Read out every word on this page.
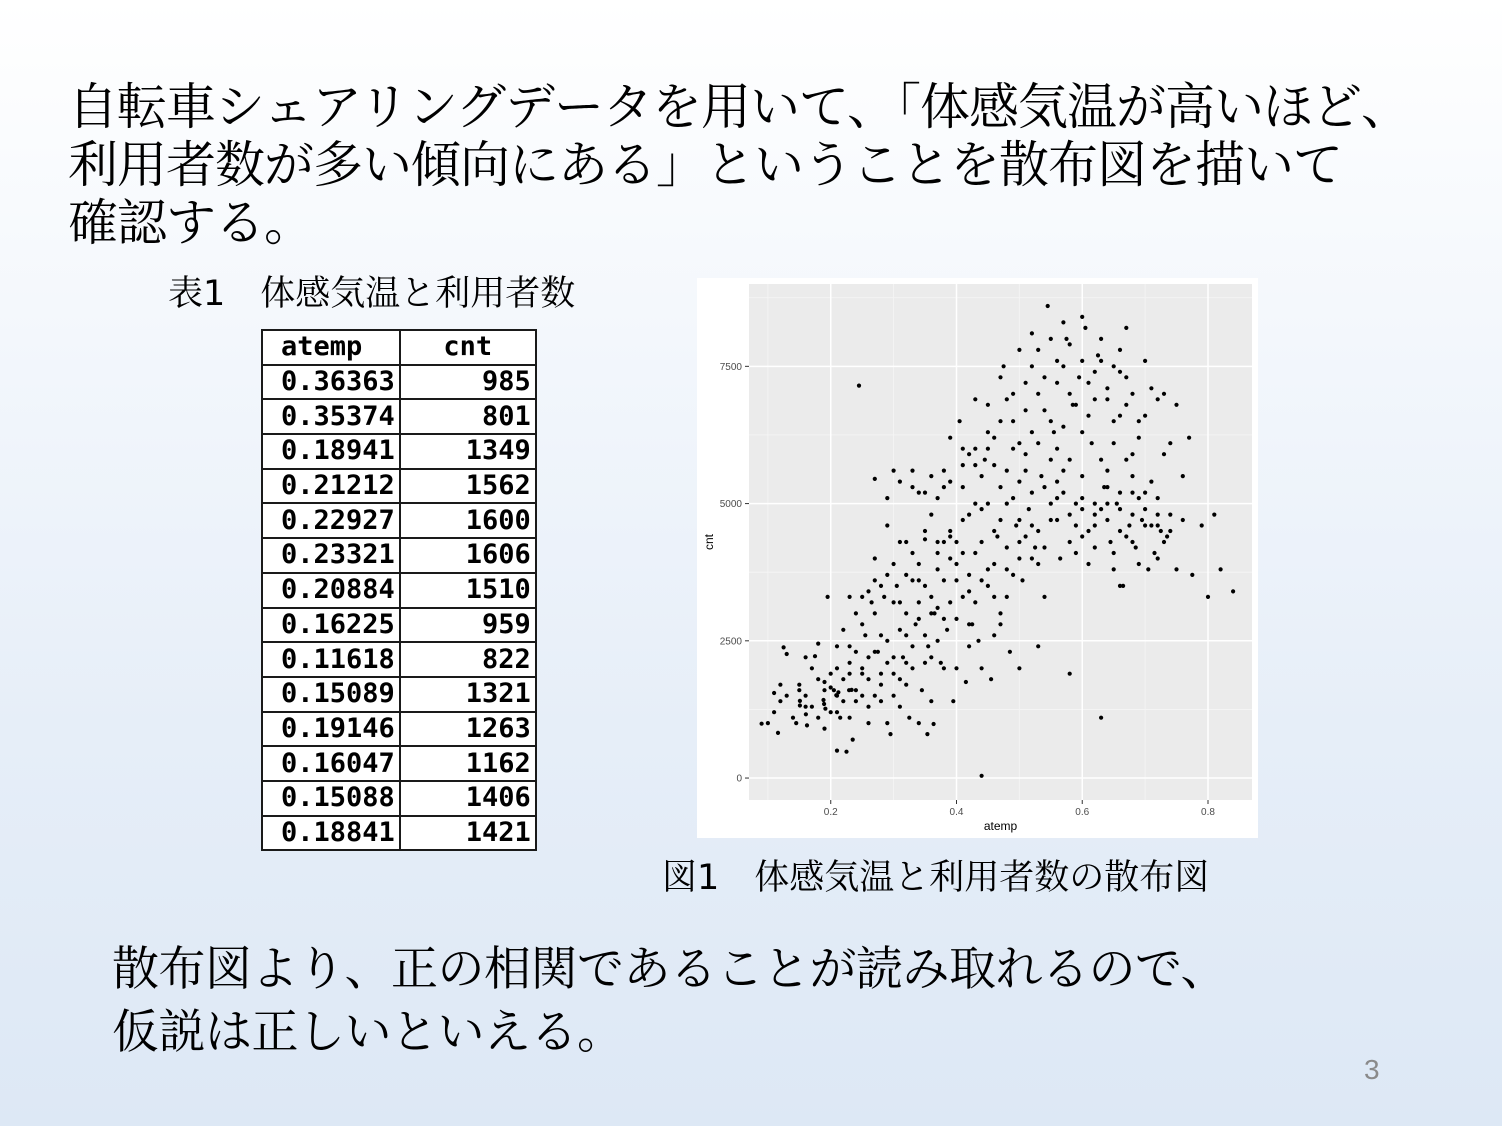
自転車シェアリングデータを用いて、「体感気温が高いほど、
利用者数が多い傾向にある」ということを散布図を描いて
確認する。
表1　体感気温と利用者数
atemp	cnt
0.36363	985
0.35374	801
0.18941	1349
0.21212	1562
0.22927	1600
0.23321	1606
0.20884	1510
0.16225	959
0.11618	822
0.15089	1321
0.19146	1263
0.16047	1162
0.15088	1406
0.18841	1421
0.2	0.4	0.6	0.8
0
2500
5000
7500
atemp
cnt
図1　体感気温と利用者数の散布図
散布図より、正の相関であることが読み取れるので、
仮説は正しいといえる。
3
